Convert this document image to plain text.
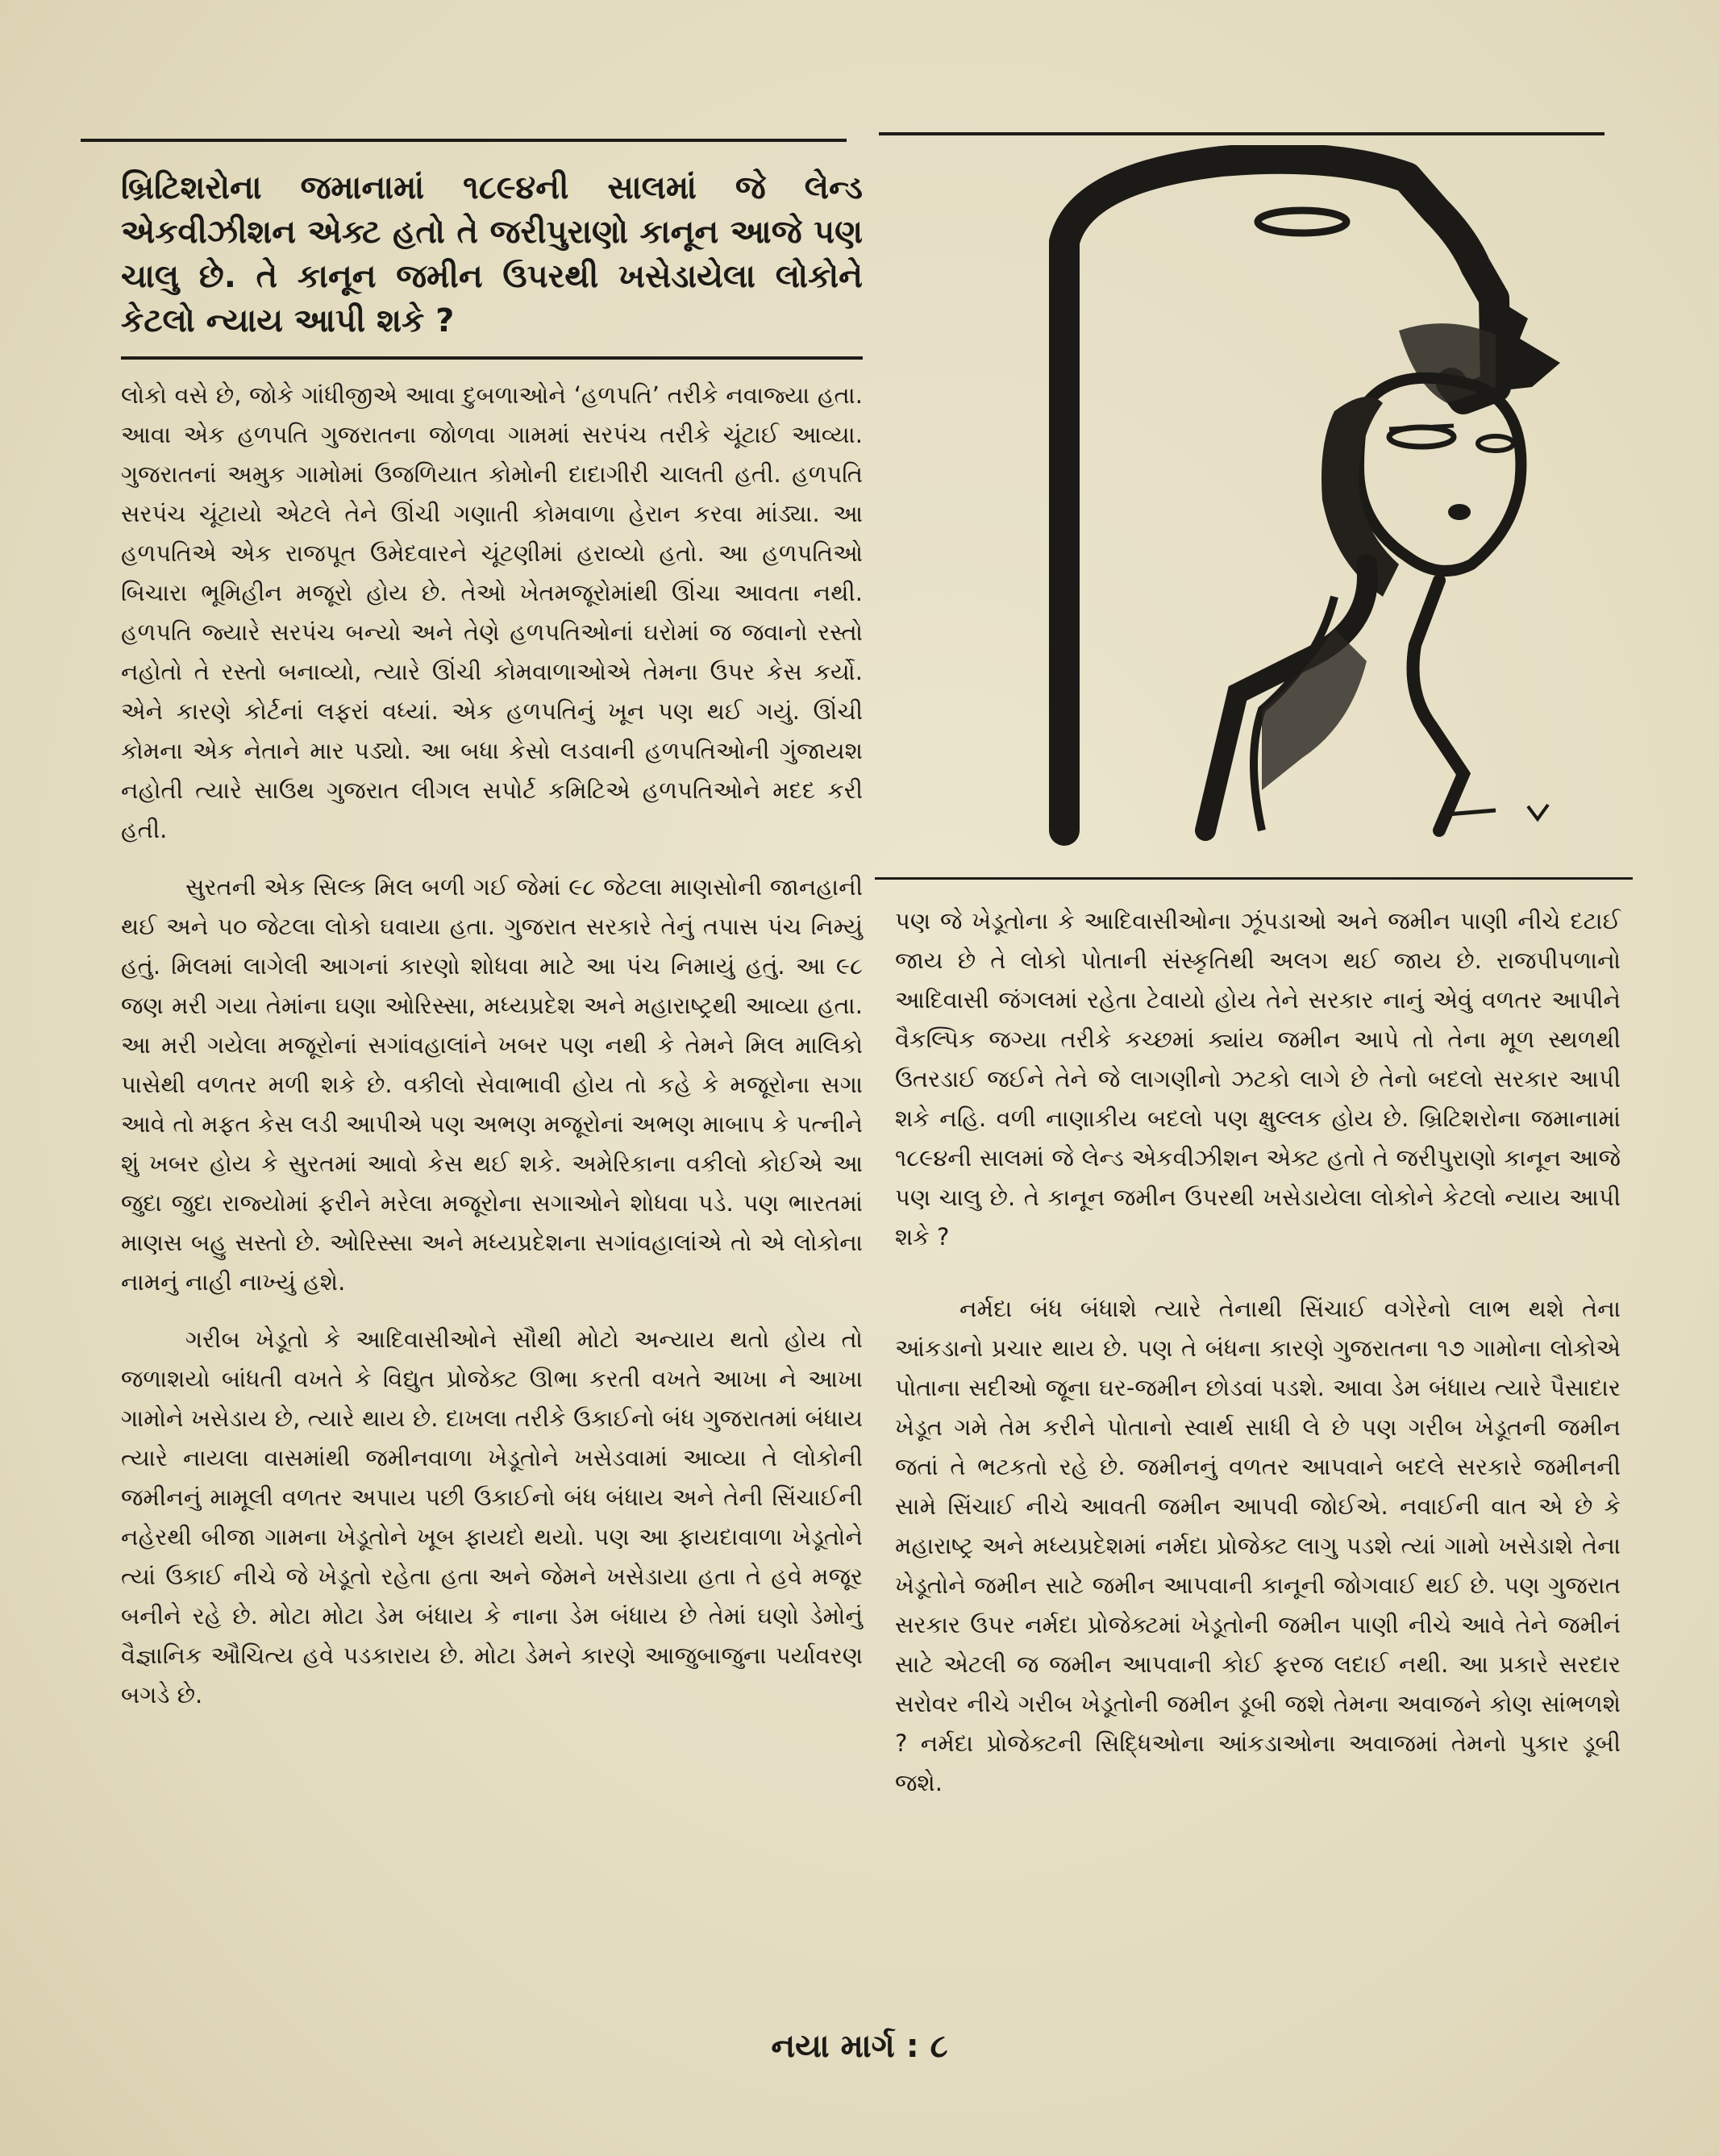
બ્રિટિશરોના જમાનામાં ૧૮૯૪ની સાલમાં જે લેન્ડ એકવીઝીશન એક્ટ હતો તે જરીપુરાણો કાનૂન આજે પણ ચાલુ છે. તે કાનૂન જમીન ઉપરથી ખસેડાયેલા લોકોને કેટલો ન્યાય આપી શકે ?

લોકો વસે છે, જોકે ગાંધીજીએ આવા દુબળાઓને ‘હળપતિ’ તરીકે નવાજ્યા હતા. આવા એક હળપતિ ગુજરાતના જોળવા ગામમાં સરપંચ તરીકે ચૂંટાઈ આવ્યા. ગુજરાતનાં અમુક ગામોમાં ઉજળિયાત કોમોની દાદાગીરી ચાલતી હતી. હળપતિ સરપંચ ચૂંટાયો એટલે તેને ઊંચી ગણાતી કોમવાળા હેરાન કરવા માંડ્યા. આ હળપતિએ એક રાજપૂત ઉમેદવારને ચૂંટણીમાં હરાવ્યો હતો. આ હળપતિઓ બિચારા ભૂમિહીન મજૂરો હોય છે. તેઓ ખેતમજૂરોમાંથી ઊંચા આવતા નથી. હળપતિ જ્યારે સરપંચ બન્યો અને તેણે હળપતિઓનાં ઘરોમાં જ જવાનો રસ્તો નહોતો તે રસ્તો બનાવ્યો, ત્યારે ઊંચી કોમવાળાઓએ તેમના ઉપર કેસ કર્યો. એને કારણે કોર્ટનાં લફરાં વધ્યાં. એક હળપતિનું ખૂન પણ થઈ ગયું. ઊંચી કોમના એક નેતાને માર પડ્યો. આ બધા કેસો લડવાની હળપતિઓની ગુંજાયશ નહોતી ત્યારે સાઉથ ગુજરાત લીગલ સપોર્ટ કમિટિએ હળપતિઓને મદદ કરી હતી.

સુરતની એક સિલ્ક મિલ બળી ગઈ જેમાં ૯૮ જેટલા માણસોની જાનહાની થઈ અને ૫૦ જેટલા લોકો ઘવાયા હતા. ગુજરાત સરકારે તેનું તપાસ પંચ નિમ્યું હતું. મિલમાં લાગેલી આગનાં કારણો શોધવા માટે આ પંચ નિમાયું હતું. આ ૯૮ જણ મરી ગયા તેમાંના ઘણા ઓરિસ્સા, મધ્યપ્રદેશ અને મહારાષ્ટ્રથી આવ્યા હતા. આ મરી ગયેલા મજૂરોનાં સગાંવહાલાંને ખબર પણ નથી કે તેમને મિલ માલિકો પાસેથી વળતર મળી શકે છે. વકીલો સેવાભાવી હોય તો કહે કે મજૂરોના સગા આવે તો મફત કેસ લડી આપીએ પણ અભણ મજૂરોનાં અભણ માબાપ કે પત્નીને શું ખબર હોય કે સુરતમાં આવો કેસ થઈ શકે. અમેરિકાના વકીલો કોઈએ આ જુદા જુદા રાજ્યોમાં ફરીને મરેલા મજૂરોના સગાઓને શોધવા પડે. પણ ભારતમાં માણસ બહુ સસ્તો છે. ઓરિસ્સા અને મધ્યપ્રદેશના સગાંવહાલાંએ તો એ લોકોના નામનું નાહી નાખ્યું હશે.

ગરીબ ખેડૂતો કે આદિવાસીઓને સૌથી મોટો અન્યાય થતો હોય તો જળાશયો બાંધતી વખતે કે વિદ્યુત પ્રોજેક્ટ ઊભા કરતી વખતે આખા ને આખા ગામોને ખસેડાય છે, ત્યારે થાય છે. દાખલા તરીકે ઉકાઈનો બંધ ગુજરાતમાં બંધાય ત્યારે નાયલા વાસમાંથી જમીનવાળા ખેડૂતોને ખસેડવામાં આવ્યા તે લોકોની જમીનનું મામૂલી વળતર અપાય પછી ઉકાઈનો બંધ બંધાય અને તેની સિંચાઈની નહેરથી બીજા ગામના ખેડૂતોને ખૂબ ફાયદો થયો. પણ આ ફાયદાવાળા ખેડૂતોને ત્યાં ઉકાઈ નીચે જે ખેડૂતો રહેતા હતા અને જેમને ખસેડાયા હતા તે હવે મજૂર બનીને રહે છે. મોટા મોટા ડેમ બંધાય કે નાના ડેમ બંધાય છે તેમાં ઘણો ડેમોનું વૈજ્ઞાનિક ઔચિત્ય હવે પડકારાય છે. મોટા ડેમને કારણે આજુબાજુના પર્યાવરણ બગડે છે.

પણ જે ખેડૂતોના કે આદિવાસીઓના ઝૂંપડાઓ અને જમીન પાણી નીચે દટાઈ જાય છે તે લોકો પોતાની સંસ્કૃતિથી અલગ થઈ જાય છે. રાજપીપળાનો આદિવાસી જંગલમાં રહેતા ટેવાયો હોય તેને સરકાર નાનું એવું વળતર આપીને વૈકલ્પિક જગ્યા તરીકે કચ્છમાં ક્યાંય જમીન આપે તો તેના મૂળ સ્થળથી ઉતરડાઈ જઈને તેને જે લાગણીનો ઝટકો લાગે છે તેનો બદલો સરકાર આપી શકે નહિ. વળી નાણાકીય બદલો પણ ક્ષુલ્લક હોય છે. બ્રિટિશરોના જમાનામાં ૧૮૯૪ની સાલમાં જે લેન્ડ એકવીઝીશન એક્ટ હતો તે જરીપુરાણો કાનૂન આજે પણ ચાલુ છે. તે કાનૂન જમીન ઉપરથી ખસેડાયેલા લોકોને કેટલો ન્યાય આપી શકે ?

નર્મદા બંધ બંધાશે ત્યારે તેનાથી સિંચાઈ વગેરેનો લાભ થશે તેના આંકડાનો પ્રચાર થાય છે. પણ તે બંધના કારણે ગુજરાતના ૧૭ ગામોના લોકોએ પોતાના સદીઓ જૂના ઘર-જમીન છોડવાં પડશે. આવા ડેમ બંધાય ત્યારે પૈસાદાર ખેડૂત ગમે તેમ કરીને પોતાનો સ્વાર્થ સાધી લે છે પણ ગરીબ ખેડૂતની જમીન જતાં તે ભટકતો રહે છે. જમીનનું વળતર આપવાને બદલે સરકારે જમીનની સામે સિંચાઈ નીચે આવતી જમીન આપવી જોઈએ. નવાઈની વાત એ છે કે મહારાષ્ટ્ર અને મધ્યપ્રદેશમાં નર્મદા પ્રોજેક્ટ લાગુ પડશે ત્યાં ગામો ખસેડાશે તેના ખેડૂતોને જમીન સાટે જમીન આપવાની કાનૂની જોગવાઈ થઈ છે. પણ ગુજરાત સરકાર ઉપર નર્મદા પ્રોજેક્ટમાં ખેડૂતોની જમીન પાણી નીચે આવે તેને જમીનં સાટે એટલી જ જમીન આપવાની કોઈ ફરજ લદાઈ નથી. આ પ્રકારે સરદાર સરોવર નીચે ગરીબ ખેડૂતોની જમીન ડૂબી જશે તેમના અવાજને કોણ સાંભળશે ? નર્મદા પ્રોજેક્ટની સિદ્ધિઓના આંકડાઓના અવાજમાં તેમનો પુકાર ડૂબી જશે.

નયા માર્ગ : ૮
